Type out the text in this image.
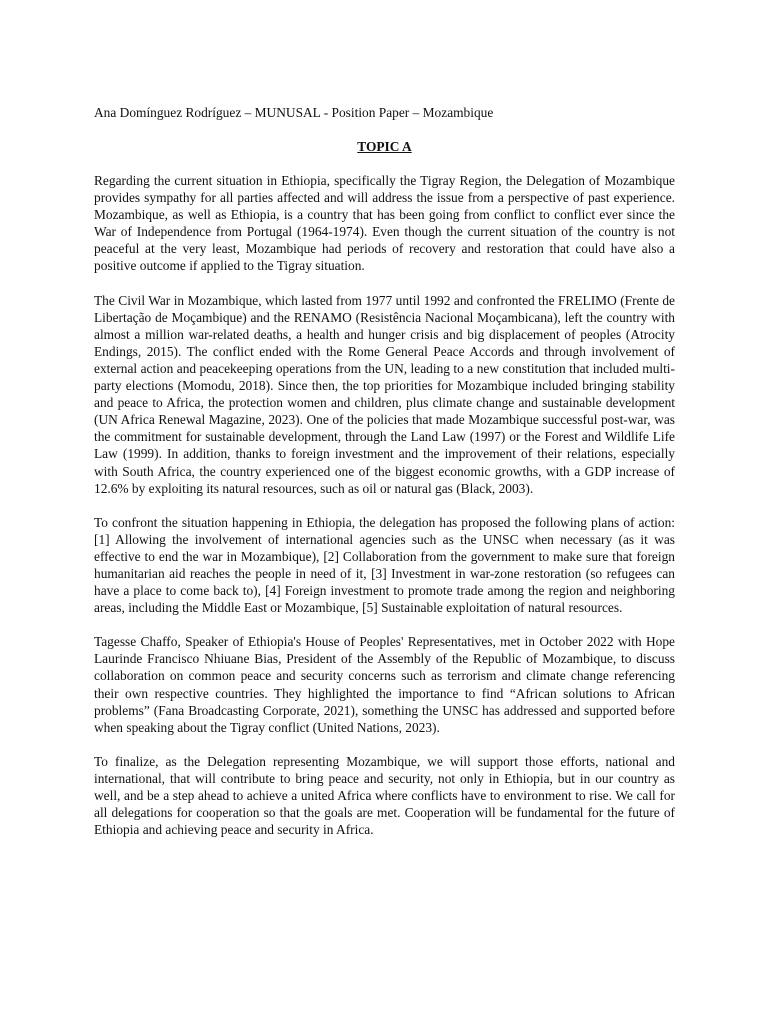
Ana Domínguez Rodríguez – MUNUSAL - Position Paper – Mozambique

TOPIC A

Regarding the current situation in Ethiopia, specifically the Tigray Region, the Delegation of Mozambique provides sympathy for all parties affected and will address the issue from a perspective of past experience. Mozambique, as well as Ethiopia, is a country that has been going from conflict to conflict ever since the War of Independence from Portugal (1964-1974). Even though the current situation of the country is not peaceful at the very least, Mozambique had periods of recovery and restoration that could have also a positive outcome if applied to the Tigray situation.

The Civil War in Mozambique, which lasted from 1977 until 1992 and confronted the FRELIMO (Frente de Libertação de Moçambique) and the RENAMO (Resistência Nacional Moçambicana), left the country with almost a million war-related deaths, a health and hunger crisis and big displacement of peoples (Atrocity Endings, 2015). The conflict ended with the Rome General Peace Accords and through involvement of external action and peacekeeping operations from the UN, leading to a new constitution that included multi-party elections (Momodu, 2018). Since then, the top priorities for Mozambique included bringing stability and peace to Africa, the protection women and children, plus climate change and sustainable development (UN Africa Renewal Magazine, 2023). One of the policies that made Mozambique successful post-war, was the commitment for sustainable development, through the Land Law (1997) or the Forest and Wildlife Life Law (1999). In addition, thanks to foreign investment and the improvement of their relations, especially with South Africa, the country experienced one of the biggest economic growths, with a GDP increase of 12.6% by exploiting its natural resources, such as oil or natural gas (Black, 2003).

To confront the situation happening in Ethiopia, the delegation has proposed the following plans of action: [1] Allowing the involvement of international agencies such as the UNSC when necessary (as it was effective to end the war in Mozambique), [2] Collaboration from the government to make sure that foreign humanitarian aid reaches the people in need of it, [3] Investment in war-zone restoration (so refugees can have a place to come back to), [4] Foreign investment to promote trade among the region and neighboring areas, including the Middle East or Mozambique, [5] Sustainable exploitation of natural resources.

Tagesse Chaffo, Speaker of Ethiopia's House of Peoples' Representatives, met in October 2022 with Hope Laurinde Francisco Nhiuane Bias, President of the Assembly of the Republic of Mozambique, to discuss collaboration on common peace and security concerns such as terrorism and climate change referencing their own respective countries. They highlighted the importance to find “African solutions to African problems” (Fana Broadcasting Corporate, 2021), something the UNSC has addressed and supported before when speaking about the Tigray conflict (United Nations, 2023).

To finalize, as the Delegation representing Mozambique, we will support those efforts, national and international, that will contribute to bring peace and security, not only in Ethiopia, but in our country as well, and be a step ahead to achieve a united Africa where conflicts have to environment to rise. We call for all delegations for cooperation so that the goals are met. Cooperation will be fundamental for the future of Ethiopia and achieving peace and security in Africa.
